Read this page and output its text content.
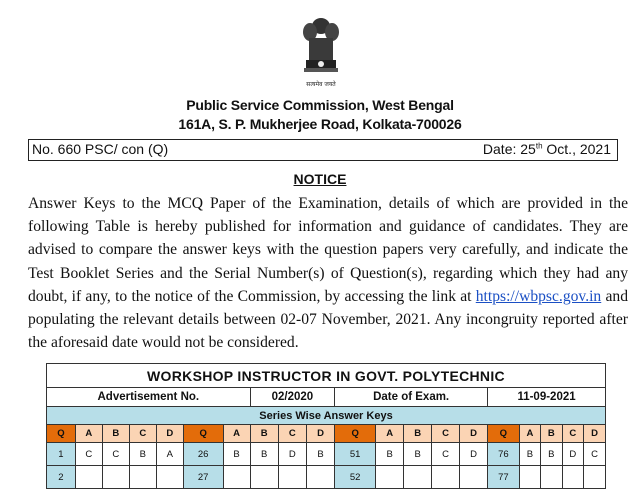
सत्यमेव जयते
Public Service Commission, West Bengal
161A, S. P. Mukherjee Road, Kolkata-700026
No. 660 PSC/ con (Q)	Date: 25th Oct., 2021
NOTICE
Answer Keys to the MCQ Paper of the Examination, details of which are provided in the following Table is hereby published for information and guidance of candidates. They are advised to compare the answer keys with the question papers very carefully, and indicate the Test Booklet Series and the Serial Number(s) of Question(s), regarding which they had any doubt, if any, to the notice of the Commission, by accessing the link at https://wbpsc.gov.in and populating the relevant details between 02-07 November, 2021. Any incongruity reported after the aforesaid date would not be considered.
WORKSHOP INSTRUCTOR IN GOVT. POLYTECHNIC																			
Advertisement No.							02/2020			Date of Exam.					11-09-2021				
Series Wise Answer Keys																			
Q	A	B	C	D	Q	A	B	C	D	Q	A	B	C	D	Q	A	B	C	D
1	C	C	B	A	26	B	B	D	B	51	B	B	C	D	76	B	B	D	C
2					27					52					77				
